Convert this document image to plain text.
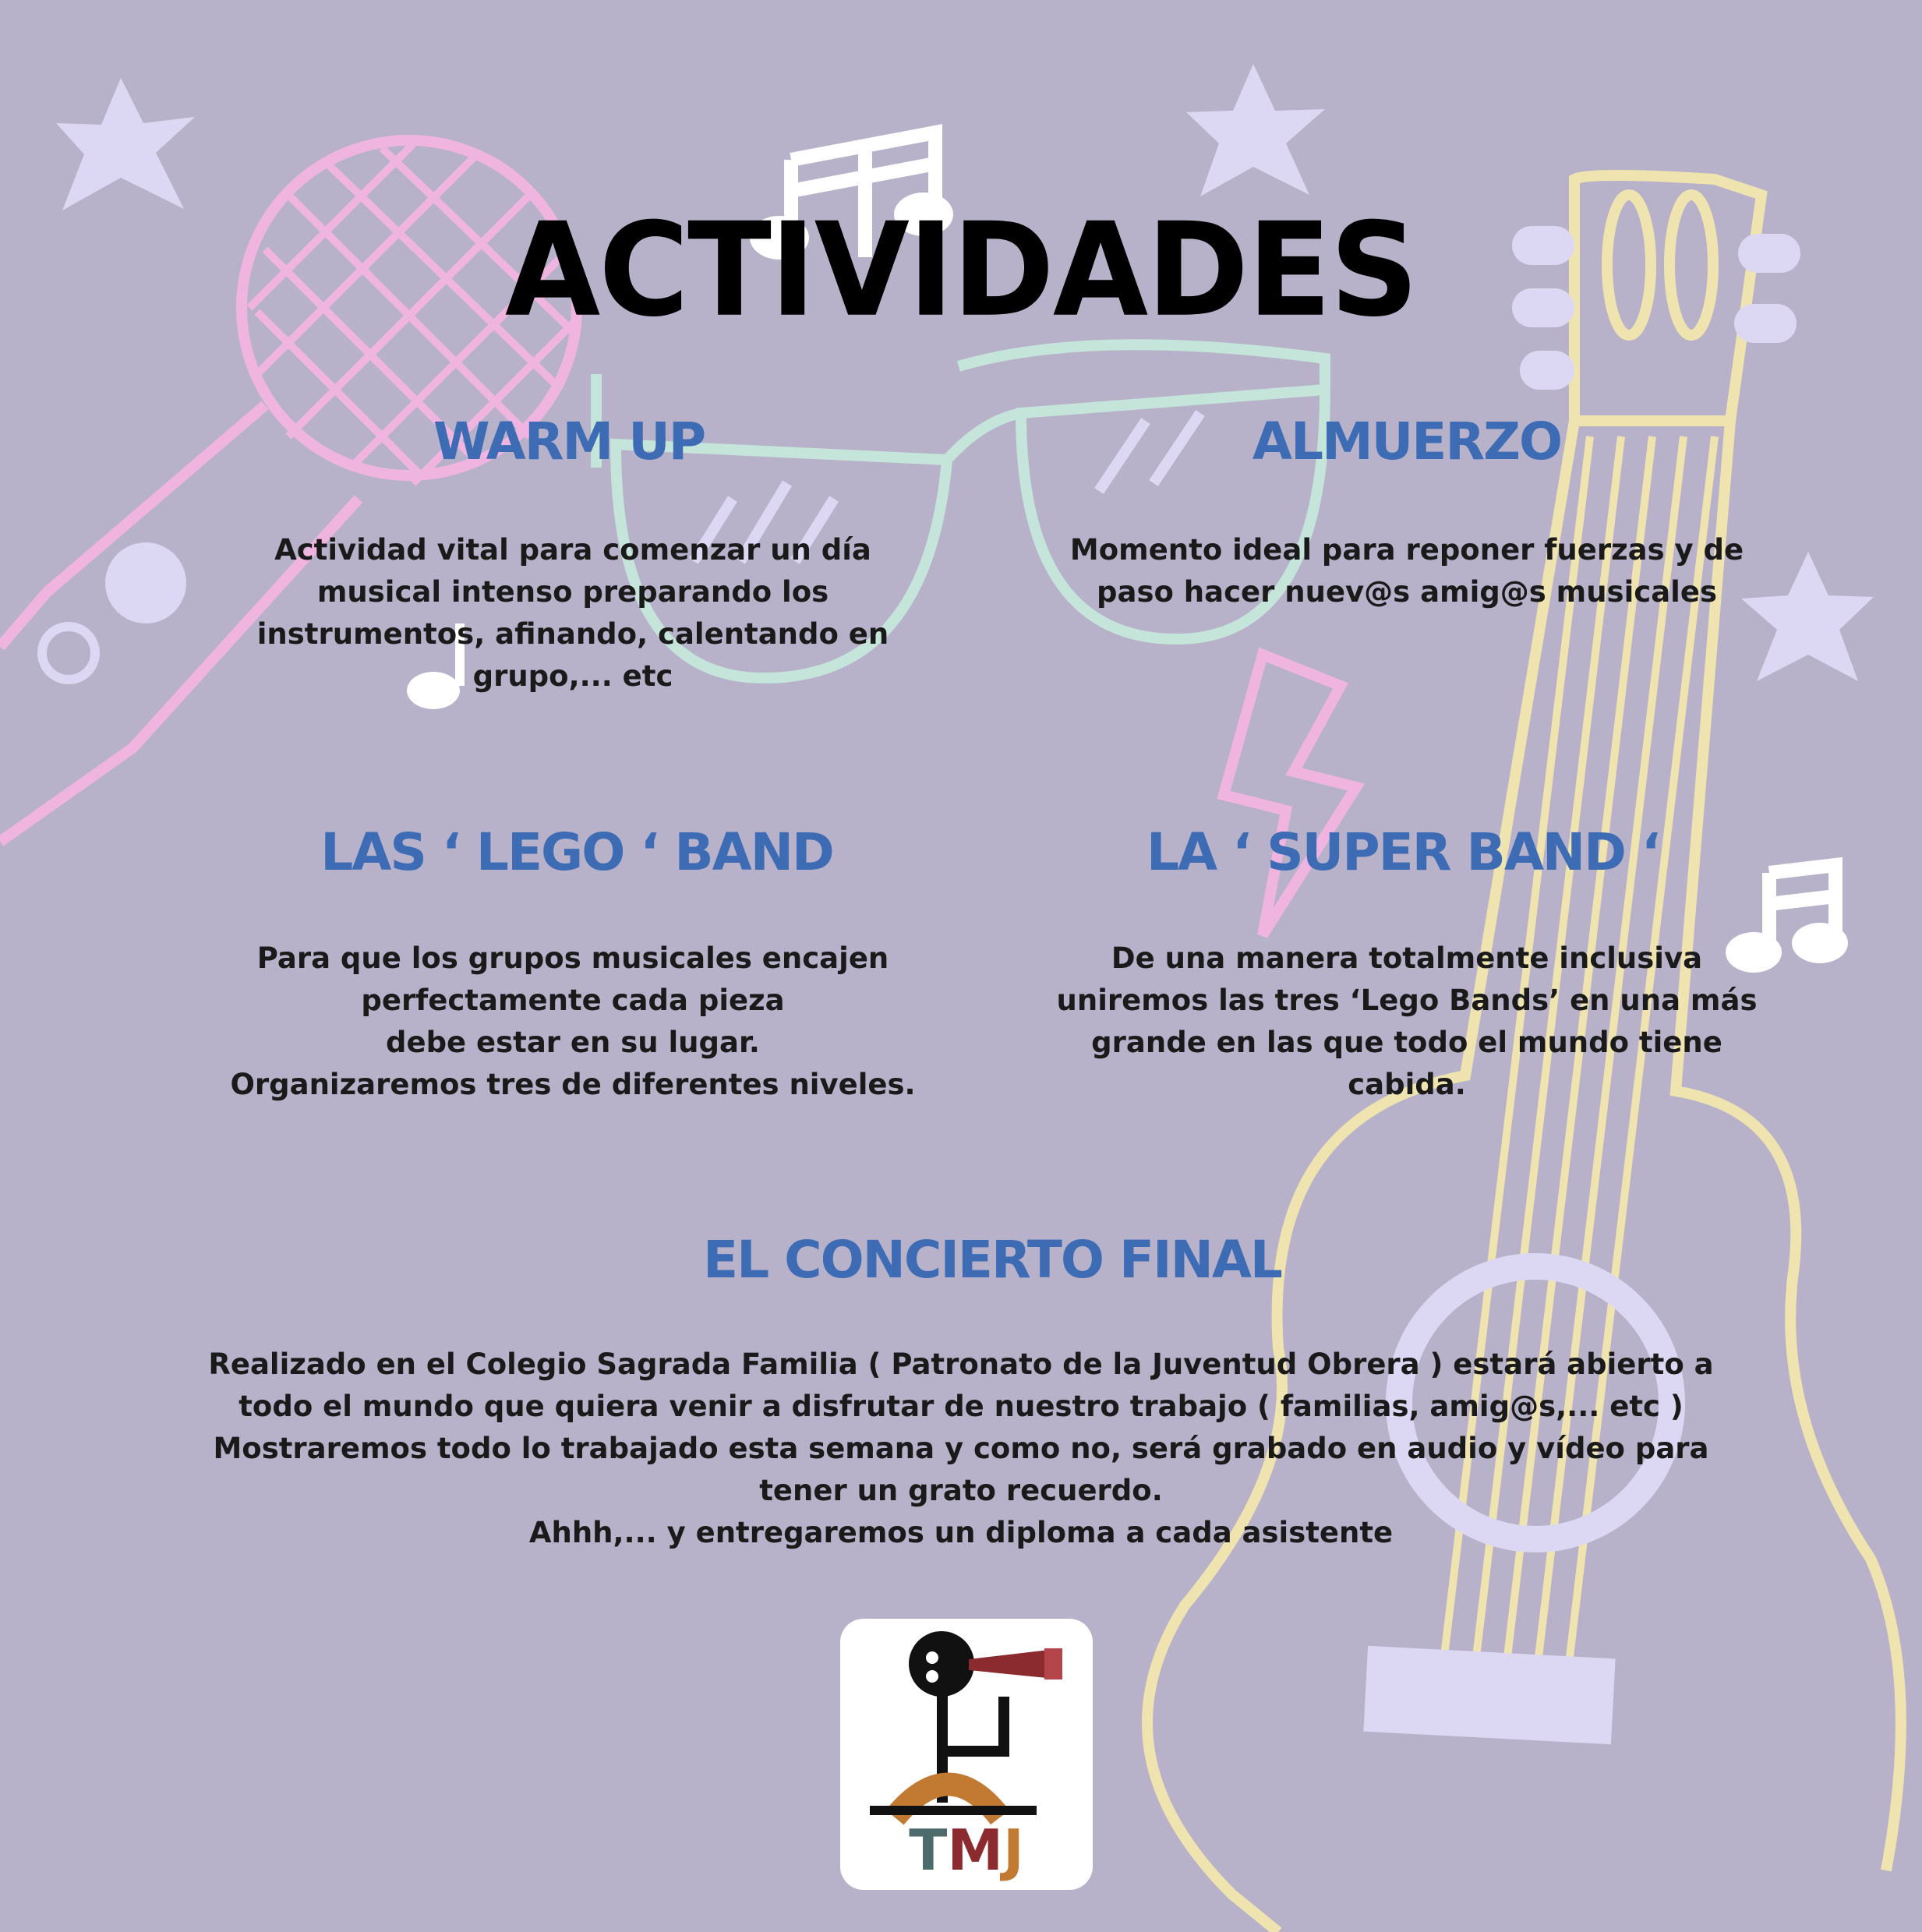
ACTIVIDADES
WARM UP
Actividad vital para comenzar un día
musical intenso preparando los
instrumentos, afinando, calentando en
grupo,... etc
ALMUERZO
Momento ideal para reponer fuerzas y de
paso hacer nuev@s amig@s musicales
LAS ‘ LEGO ‘ BAND
Para que los grupos musicales encajen
perfectamente cada pieza
debe estar en su lugar.
Organizaremos tres de diferentes niveles.
LA ‘ SUPER BAND ‘
De una manera totalmente inclusiva
uniremos las tres ‘Lego Bands’ en una más
grande en las que todo el mundo tiene
cabida.
EL CONCIERTO FINAL
Realizado en el Colegio Sagrada Familia ( Patronato de la Juventud Obrera ) estará abierto a
todo el mundo que quiera venir a disfrutar de nuestro trabajo ( familias, amig@s,... etc )
Mostraremos todo lo trabajado esta semana y como no, será grabado en audio y vídeo para
tener un grato recuerdo.
Ahhh,... y entregaremos un diploma a cada asistente
TMJ
